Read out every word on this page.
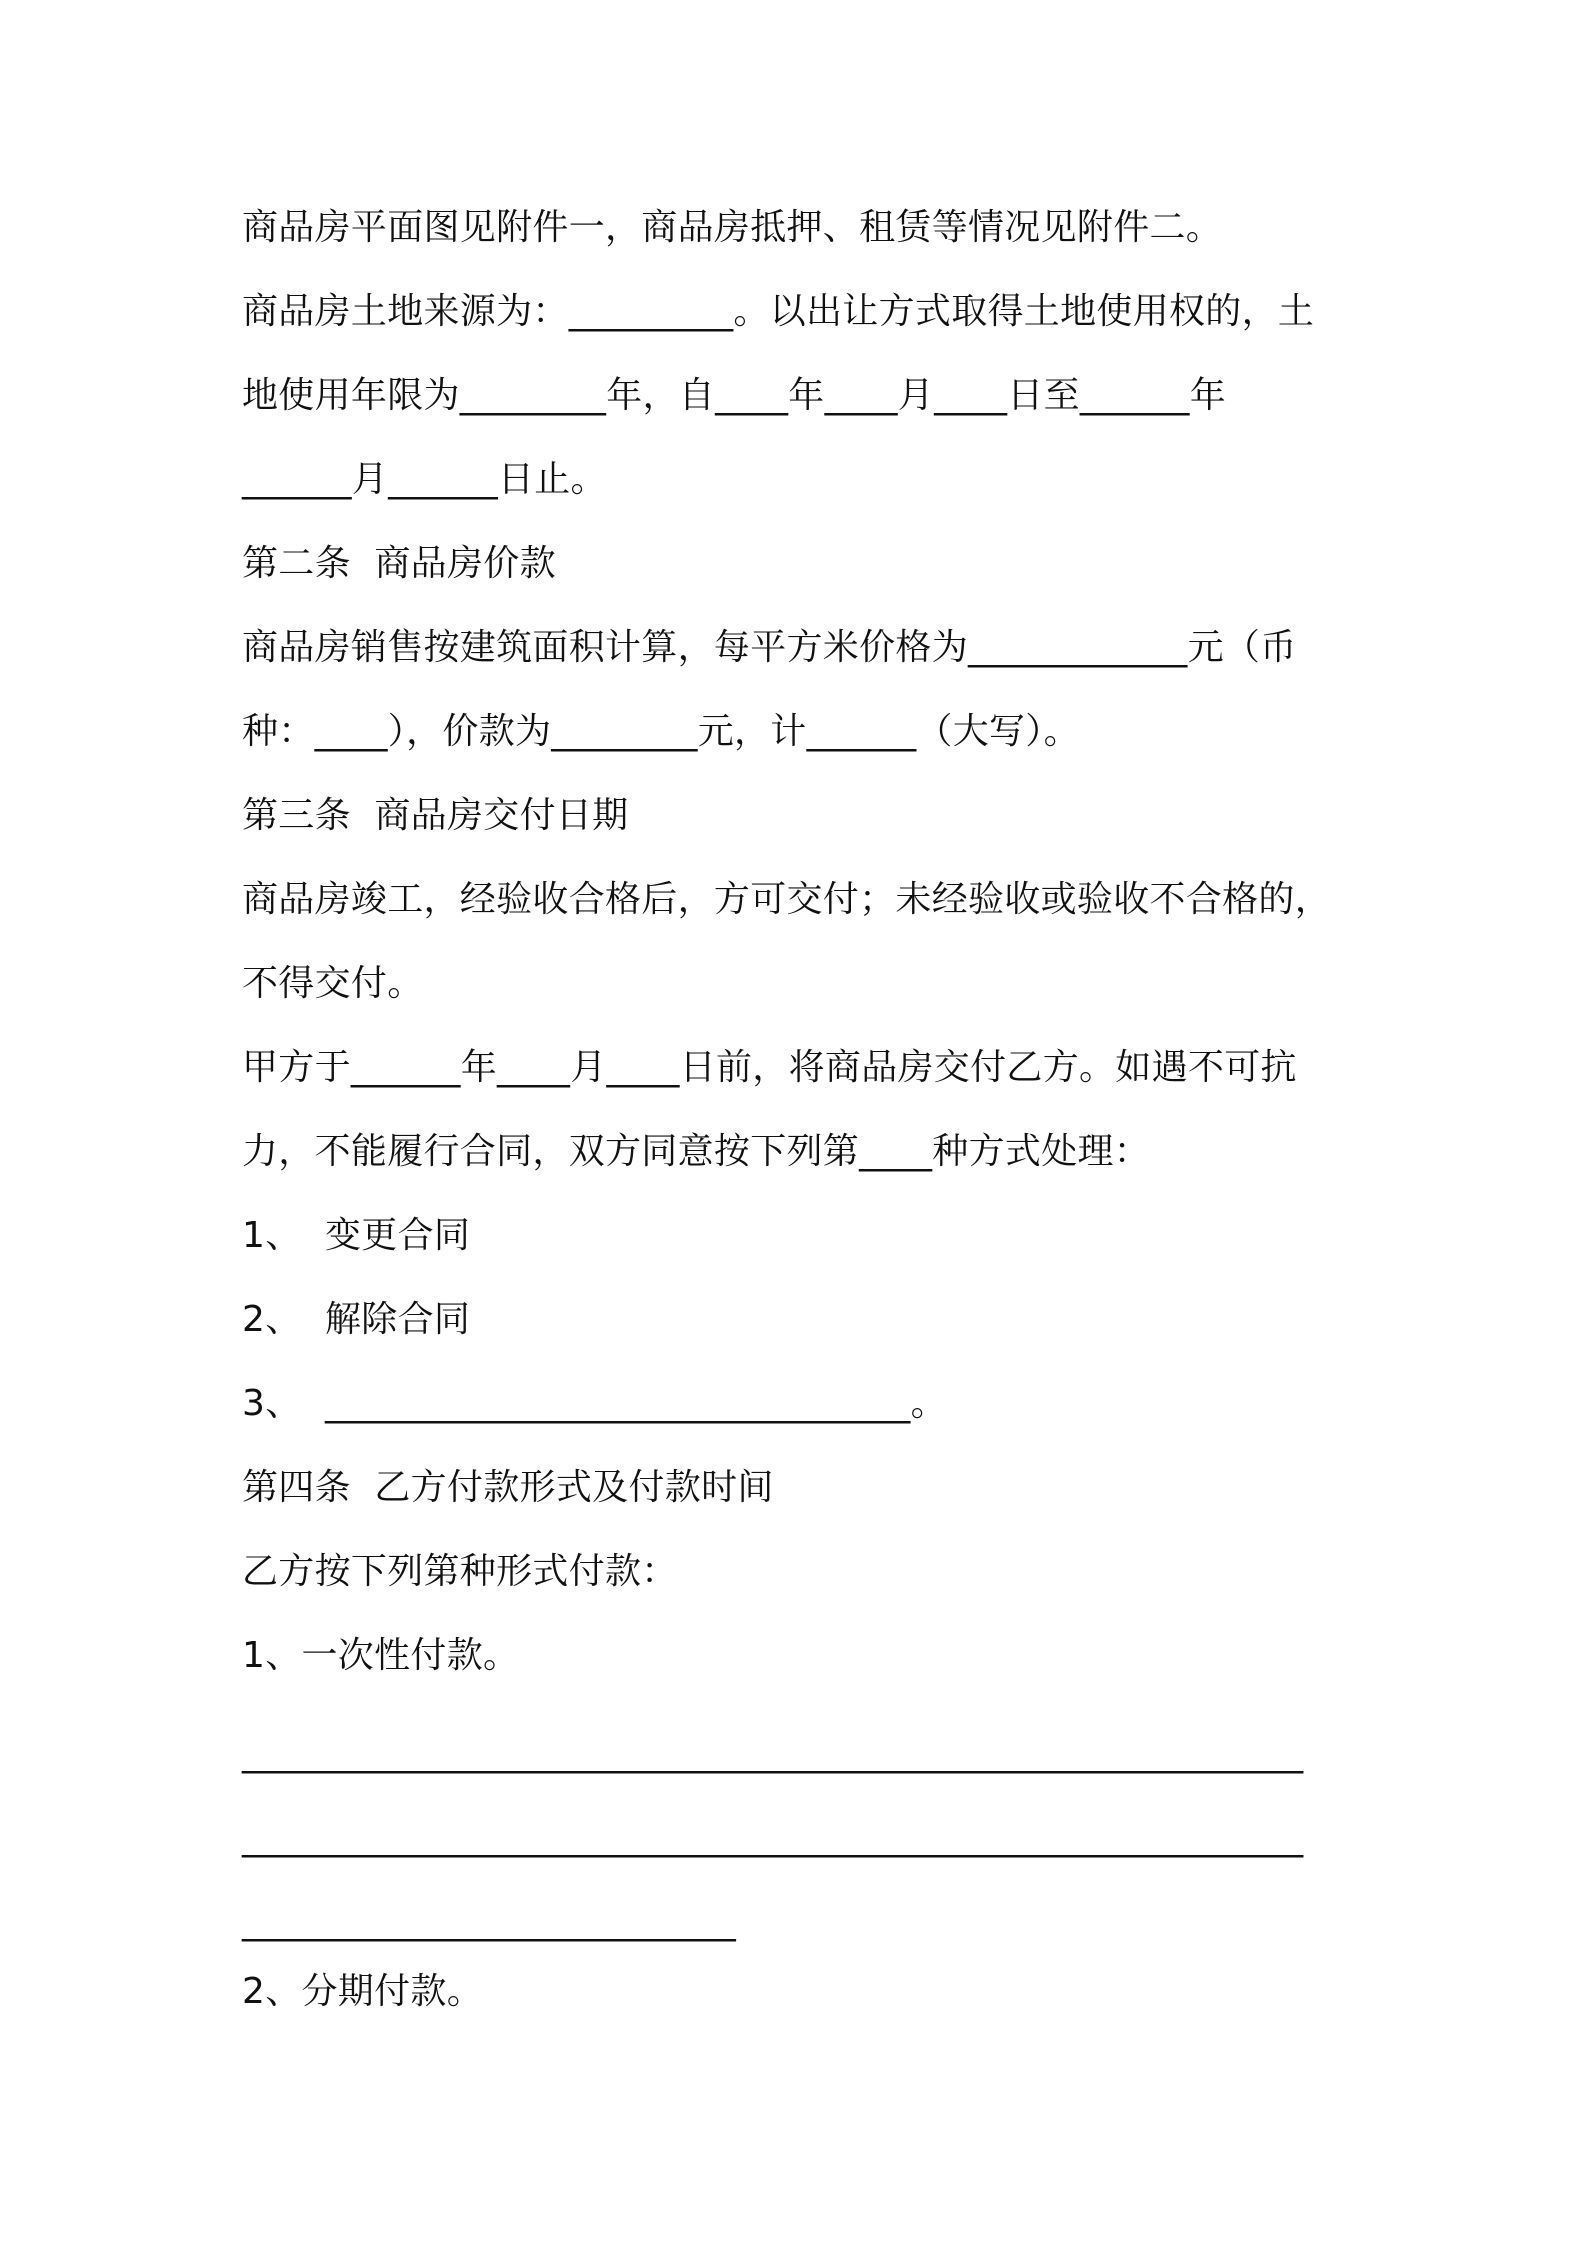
商品房平面图见附件一，商品房抵押、租赁等情况见附件二。

商品房土地来源为：_________。以出让方式取得土地使用权的，土

地使用年限为________年，自____年____月____日至______年

______月______日止。

第二条  商品房价款

商品房销售按建筑面积计算，每平方米价格为____________元（币

种：____），价款为________元，计______（大写）。

第三条  商品房交付日期

商品房竣工，经验收合格后，方可交付；未经验收或验收不合格的，

不得交付。

甲方于______年____月____日前，将商品房交付乙方。如遇不可抗

力，不能履行合同，双方同意按下列第____种方式处理：

1、  变更合同

2、  解除合同

3、  ________________________________。

第四条  乙方付款形式及付款时间

乙方按下列第种形式付款：

1、一次性付款。

__________________________________________________________

__________________________________________________________

___________________________

2、分期付款。
